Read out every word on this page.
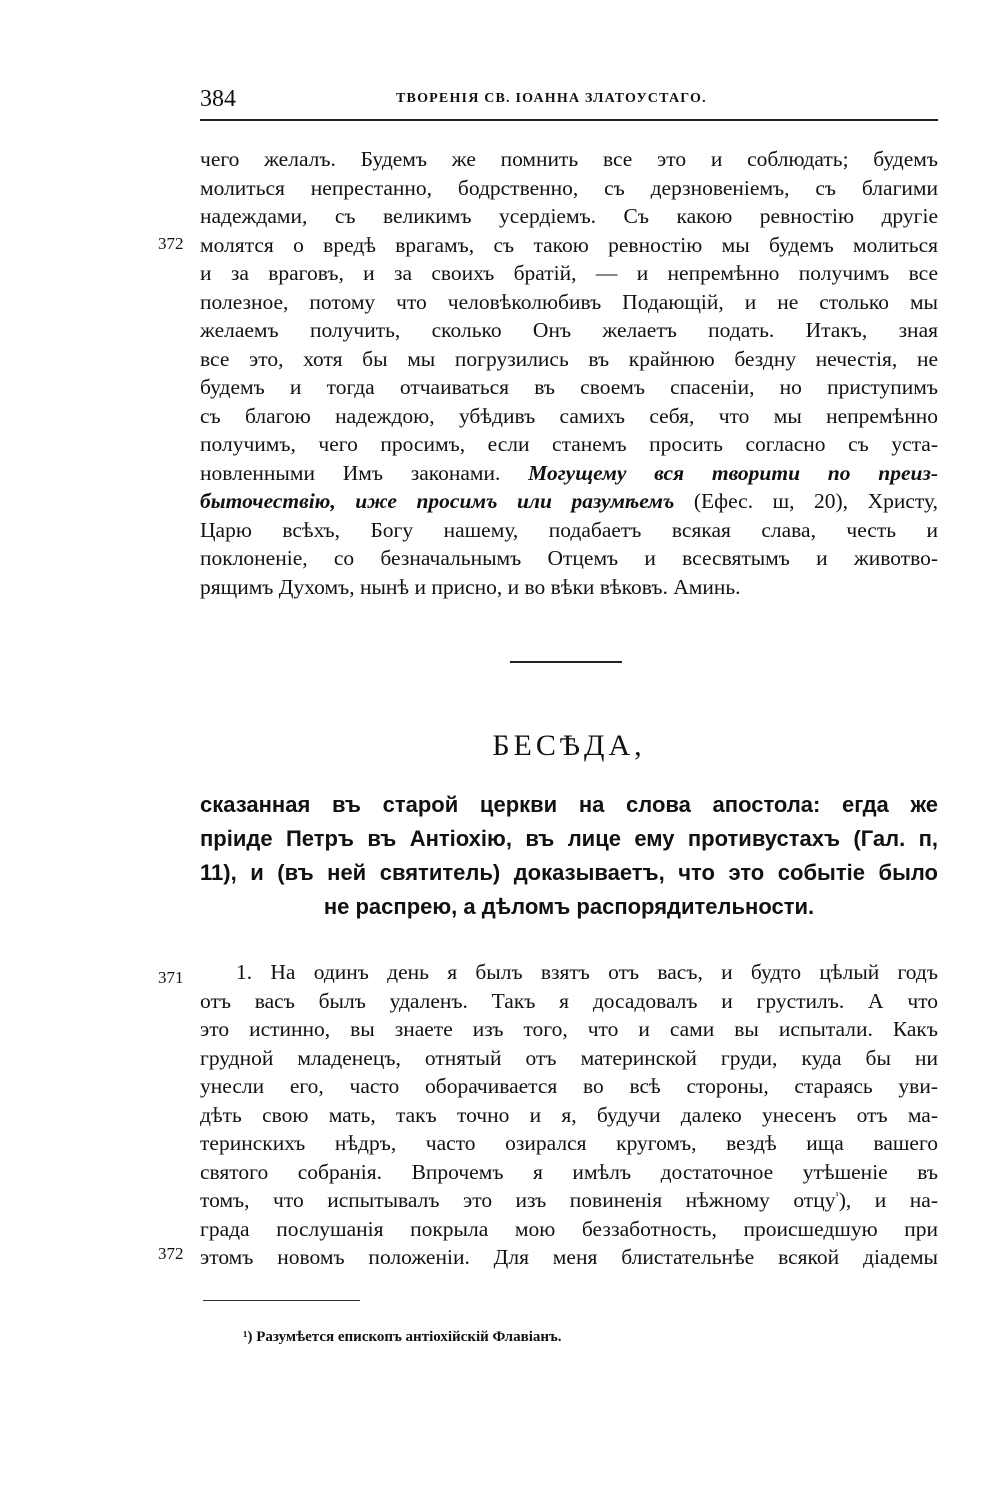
384	ТВОРЕНІЯ СВ. ІОАННА ЗЛАТОУСТАГО.
372
371
372
чего желалъ. Будемъ же помнить все это и соблюдать; будемъ
молиться непрестанно, бодрственно, съ дерзновеніемъ, съ благими
надеждами, съ великимъ усердіемъ. Съ какою ревностію другіе
молятся о вредѣ врагамъ, съ такою ревностію мы будемъ молиться
и за враговъ, и за своихъ братій, — и непремѣнно получимъ все
полезное, потому что человѣколюбивъ Подающій, и не столько мы
желаемъ получить, сколько Онъ желаетъ подать. Итакъ, зная
все это, хотя бы мы погрузились въ крайнюю бездну нечестія, не
будемъ и тогда отчаиваться въ своемъ спасеніи, но приступимъ
съ благою надеждою, убѣдивъ самихъ себя, что мы непремѣнно
получимъ, чего просимъ, если станемъ просить согласно съ уста-
новленными Имъ законами. Могущему вся творити по преиз-
быточествію, иже просимъ или разумѣемъ (Ефес. ш, 20), Христу,
Царю всѣхъ, Богу нашему, подабаетъ всякая слава, честь и
поклоненіе, со безначальнымъ Отцемъ и всесвятымъ и животво-
рящимъ Духомъ, нынѣ и присно, и во вѣки вѣковъ. Аминь.
БЕСѢДА,
сказанная въ старой церкви на слова апостола: егда же
пріиде Петръ въ Антіохію, въ лице ему противустахъ (Гал. п,
11), и (въ ней святитель) доказываетъ, что это событіе было
не распрею, а дѣломъ распорядительности.
1. На одинъ день я былъ взятъ отъ васъ, и будто цѣлый годъ
отъ васъ былъ удаленъ. Такъ я досадовалъ и грустилъ. А что
это истинно, вы знаете изъ того, что и сами вы испытали. Какъ
грудной младенецъ, отнятый отъ материнской груди, куда бы ни
унесли его, часто оборачивается во всѣ стороны, стараясь уви-
дѣть свою мать, такъ точно и я, будучи далеко унесенъ отъ ма-
теринскихъ нѣдръ, часто озирался кругомъ, вездѣ ища вашего
святого собранія. Впрочемъ я имѣлъ достаточное утѣшеніе въ
томъ, что испытывалъ это изъ повиненія нѣжному отцу$^{^1}$), и на-
града послушанія покрыла мою беззаботность, происшедшую при
этомъ новомъ положеніи. Для меня блистательнѣе всякой діадемы
¹) Разумѣется епископъ антіохійскій Флавіанъ.
